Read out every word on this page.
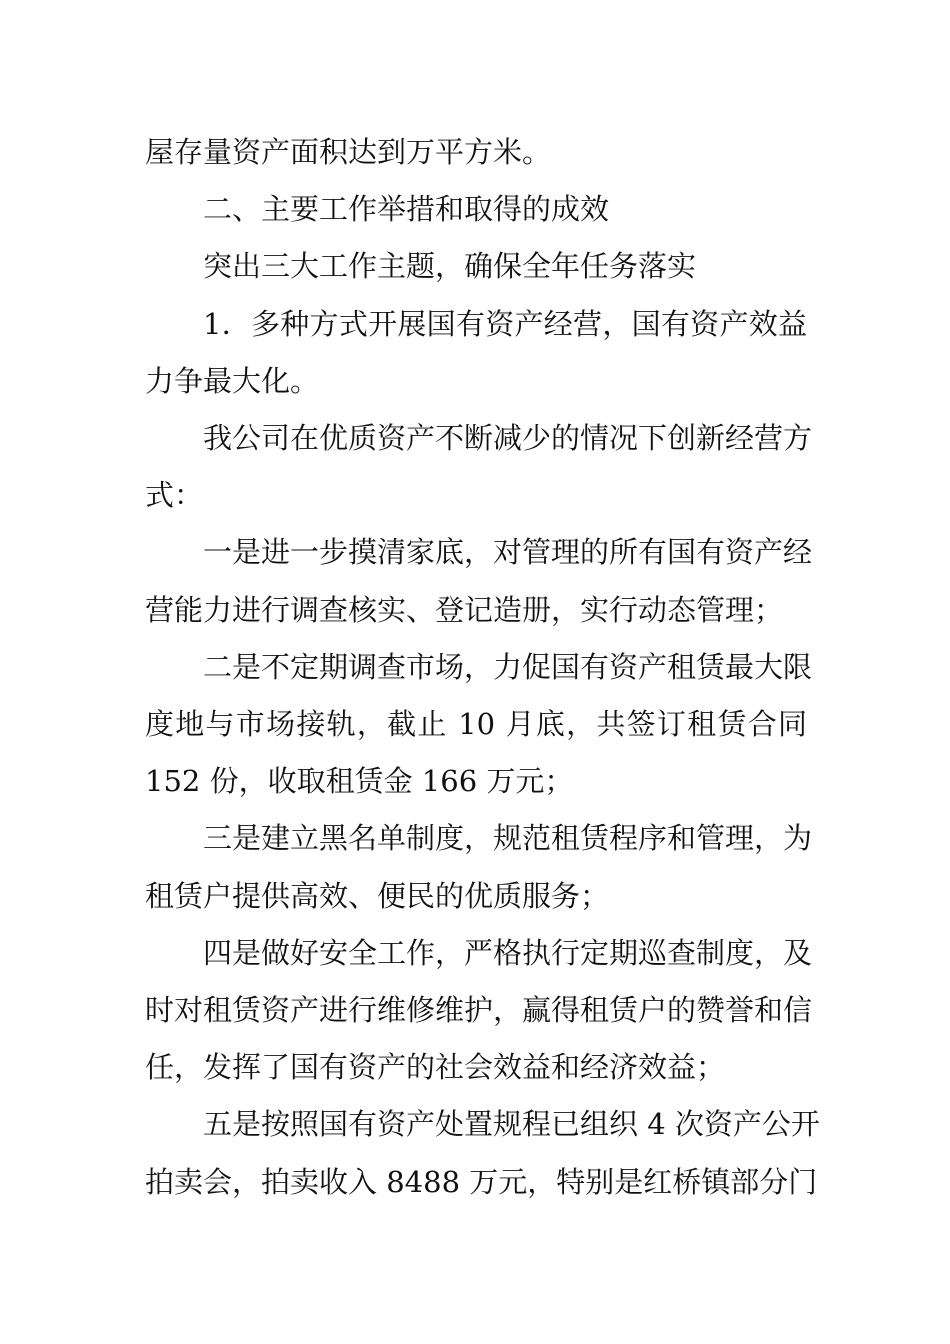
屋存量资产面积达到万平方米。
二、主要工作举措和取得的成效
突出三大工作主题，确保全年任务落实
1．多种方式开展国有资产经营，国有资产效益
力争最大化。
我公司在优质资产不断减少的情况下创新经营方
式：
一是进一步摸清家底，对管理的所有国有资产经
营能力进行调查核实、登记造册，实行动态管理；
二是不定期调查市场，力促国有资产租赁最大限
度地与市场接轨，截止 10 月底，共签订租赁合同
152 份，收取租赁金 166 万元；
三是建立黑名单制度，规范租赁程序和管理，为
租赁户提供高效、便民的优质服务；
四是做好安全工作，严格执行定期巡查制度，及
时对租赁资产进行维修维护，赢得租赁户的赞誉和信
任，发挥了国有资产的社会效益和经济效益；
五是按照国有资产处置规程已组织 4 次资产公开
拍卖会，拍卖收入 8488 万元，特别是红桥镇部分门
